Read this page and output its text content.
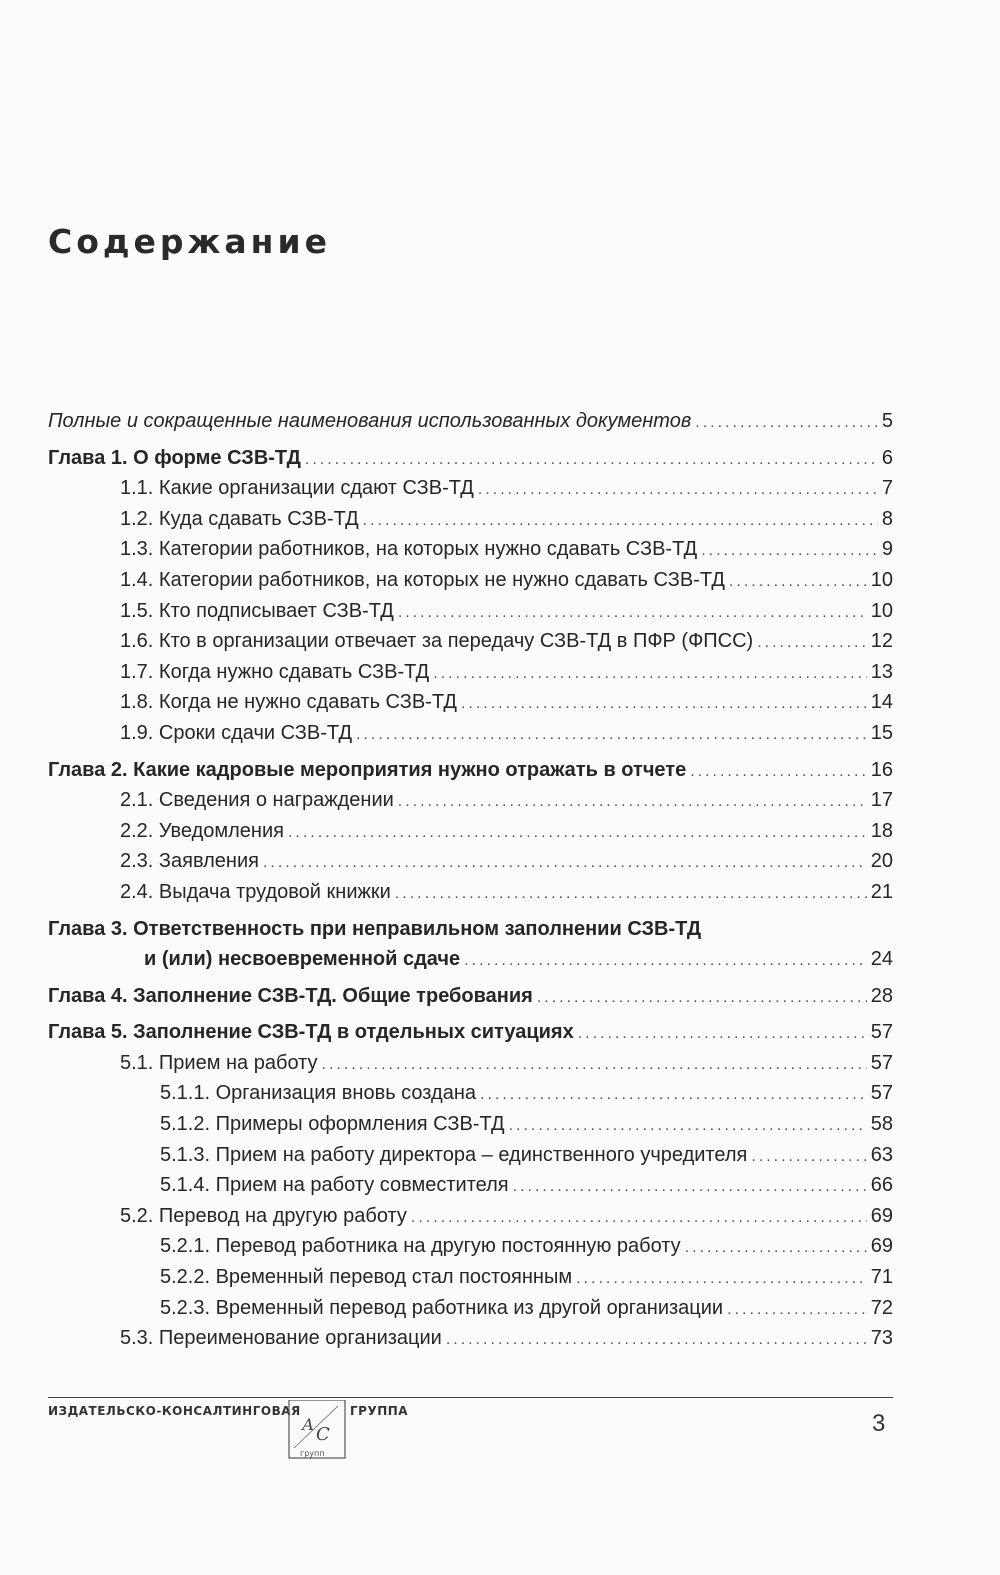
Содержание
Полные и сокращенные наименования использованных документов .....	5
Глава 1. О форме СЗВ-ТД .....	6
1.1. Какие организации сдают СЗВ-ТД .....	7
1.2. Куда сдавать СЗВ-ТД .....	8
1.3. Категории работников, на которых нужно сдавать СЗВ-ТД .....	9
1.4. Категории работников, на которых не нужно сдавать СЗВ-ТД .....	10
1.5. Кто подписывает СЗВ-ТД .....	10
1.6. Кто в организации отвечает за передачу СЗВ-ТД в ПФР (ФПСС) .....	12
1.7. Когда нужно сдавать СЗВ-ТД .....	13
1.8. Когда не нужно сдавать СЗВ-ТД .....	14
1.9. Сроки сдачи СЗВ-ТД .....	15
Глава 2. Какие кадровые мероприятия нужно отражать в отчете .....	16
2.1. Сведения о награждении .....	17
2.2. Уведомления .....	18
2.3. Заявления .....	20
2.4. Выдача трудовой книжки .....	21
Глава 3. Ответственность при неправильном заполнении СЗВ-ТД
и (или) несвоевременной сдаче .....	24
Глава 4. Заполнение СЗВ-ТД. Общие требования .....	28
Глава 5. Заполнение СЗВ-ТД в отдельных ситуациях .....	57
5.1. Прием на работу .....	57
5.1.1. Организация вновь создана .....	57
5.1.2. Примеры оформления СЗВ-ТД .....	58
5.1.3. Прием на работу директора – единственного учредителя .....	63
5.1.4. Прием на работу совместителя .....	66
5.2. Перевод на другую работу .....	69
5.2.1. Перевод работника на другую постоянную работу .....	69
5.2.2. Временный перевод стал постоянным .....	71
5.2.3. Временный перевод работника из другой организации .....	72
5.3. Переименование организации .....	73
ИЗДАТЕЛЬСКО-КОНСАЛТИНГОВАЯ
А С
групп
ГРУППА	3
